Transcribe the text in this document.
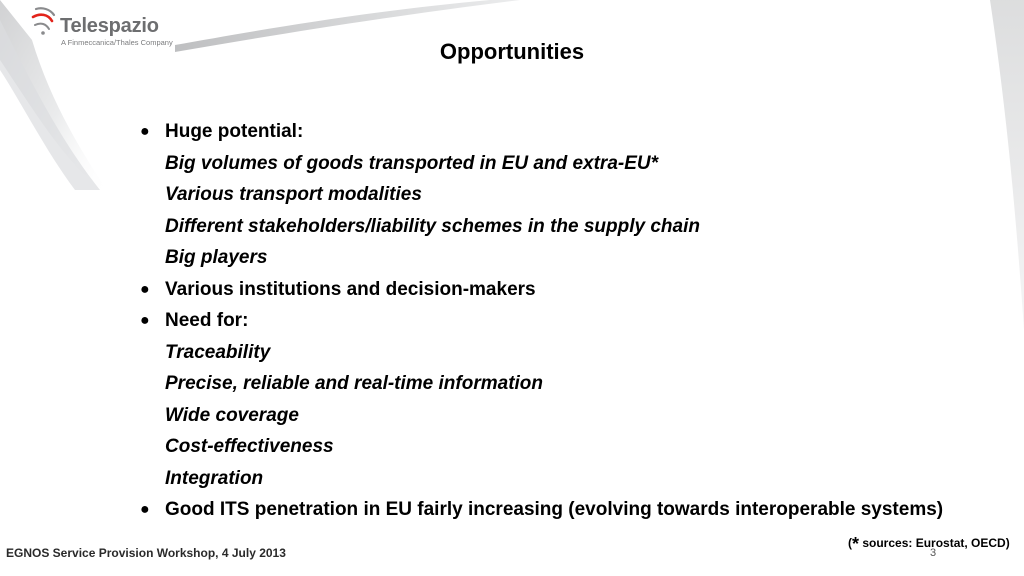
Telespazio
A Finmeccanica/Thales Company	Opportunities
● Huge potential:
Big volumes of goods transported in EU and extra-EU*
Various transport modalities
Different stakeholders/liability schemes in the supply chain
Big players
● Various institutions and decision-makers
● Need for:
Traceability
Precise, reliable and real-time information
Wide coverage
Cost-effectiveness
Integration
● Good ITS penetration in EU fairly increasing (evolving towards interoperable systems)
(* sources: Eurostat, OECD)
EGNOS Service Provision Workshop, 4 July 2013	3
